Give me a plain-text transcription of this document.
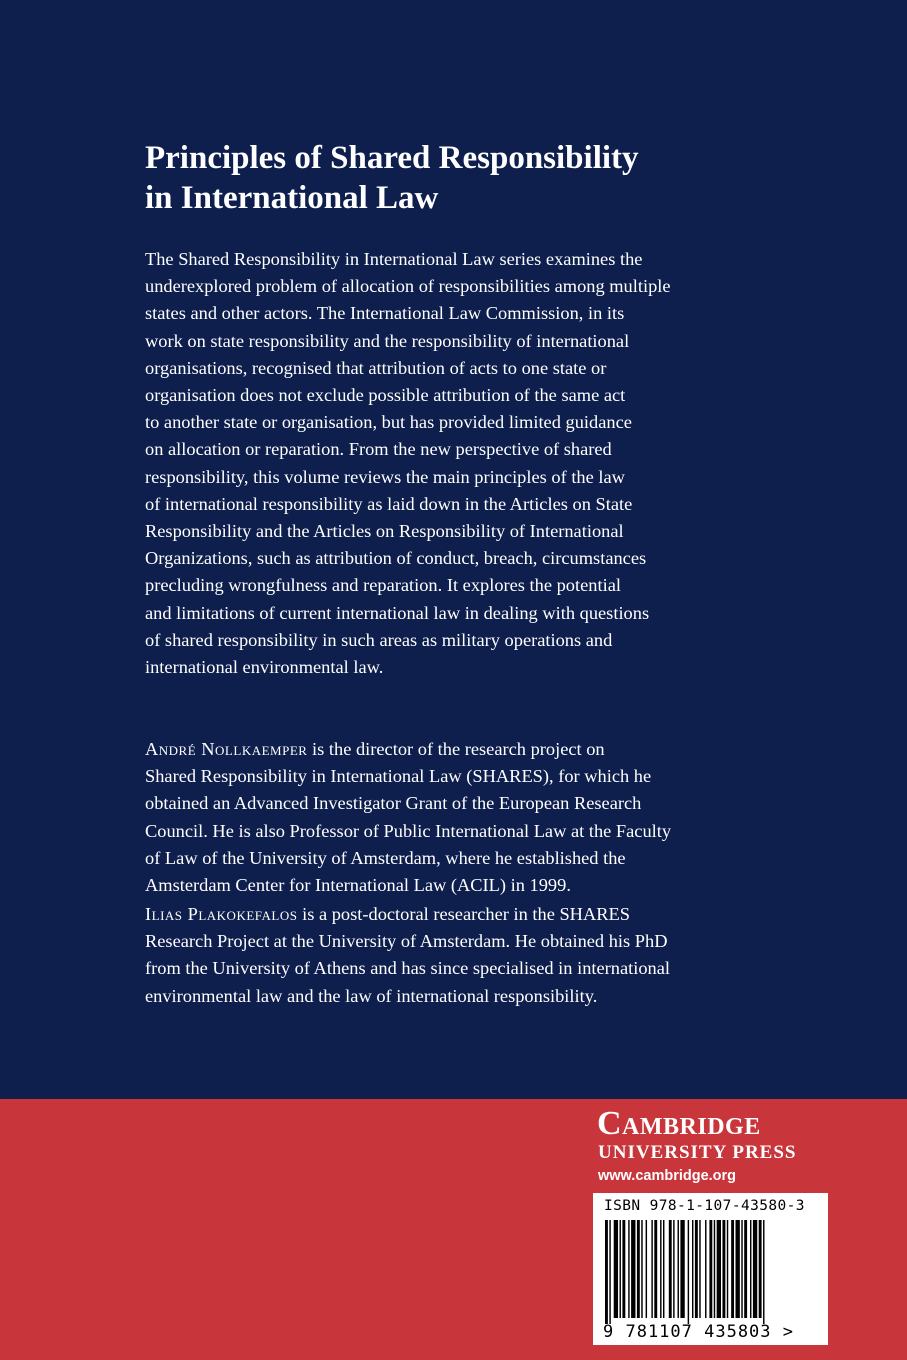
Principles of Shared Responsibility
in International Law
The Shared Responsibility in International Law series examines the
underexplored problem of allocation of responsibilities among multiple
states and other actors. The International Law Commission, in its
work on state responsibility and the responsibility of international
organisations, recognised that attribution of acts to one state or
organisation does not exclude possible attribution of the same act
to another state or organisation, but has provided limited guidance
on allocation or reparation. From the new perspective of shared
responsibility, this volume reviews the main principles of the law
of international responsibility as laid down in the Articles on State
Responsibility and the Articles on Responsibility of International
Organizations, such as attribution of conduct, breach, circumstances
precluding wrongfulness and reparation. It explores the potential
and limitations of current international law in dealing with questions
of shared responsibility in such areas as military operations and
international environmental law.
André Nollkaemper is the director of the research project on
Shared Responsibility in International Law (SHARES), for which he
obtained an Advanced Investigator Grant of the European Research
Council. He is also Professor of Public International Law at the Faculty
of Law of the University of Amsterdam, where he established the
Amsterdam Center for International Law (ACIL) in 1999.
Ilias Plakokefalos is a post-doctoral researcher in the SHARES
Research Project at the University of Amsterdam. He obtained his PhD
from the University of Athens and has since specialised in international
environmental law and the law of international responsibility.
Cambridge
UNIVERSITY PRESS
www.cambridge.org
ISBN 978-1-107-43580-3
9 781107 435803 >
